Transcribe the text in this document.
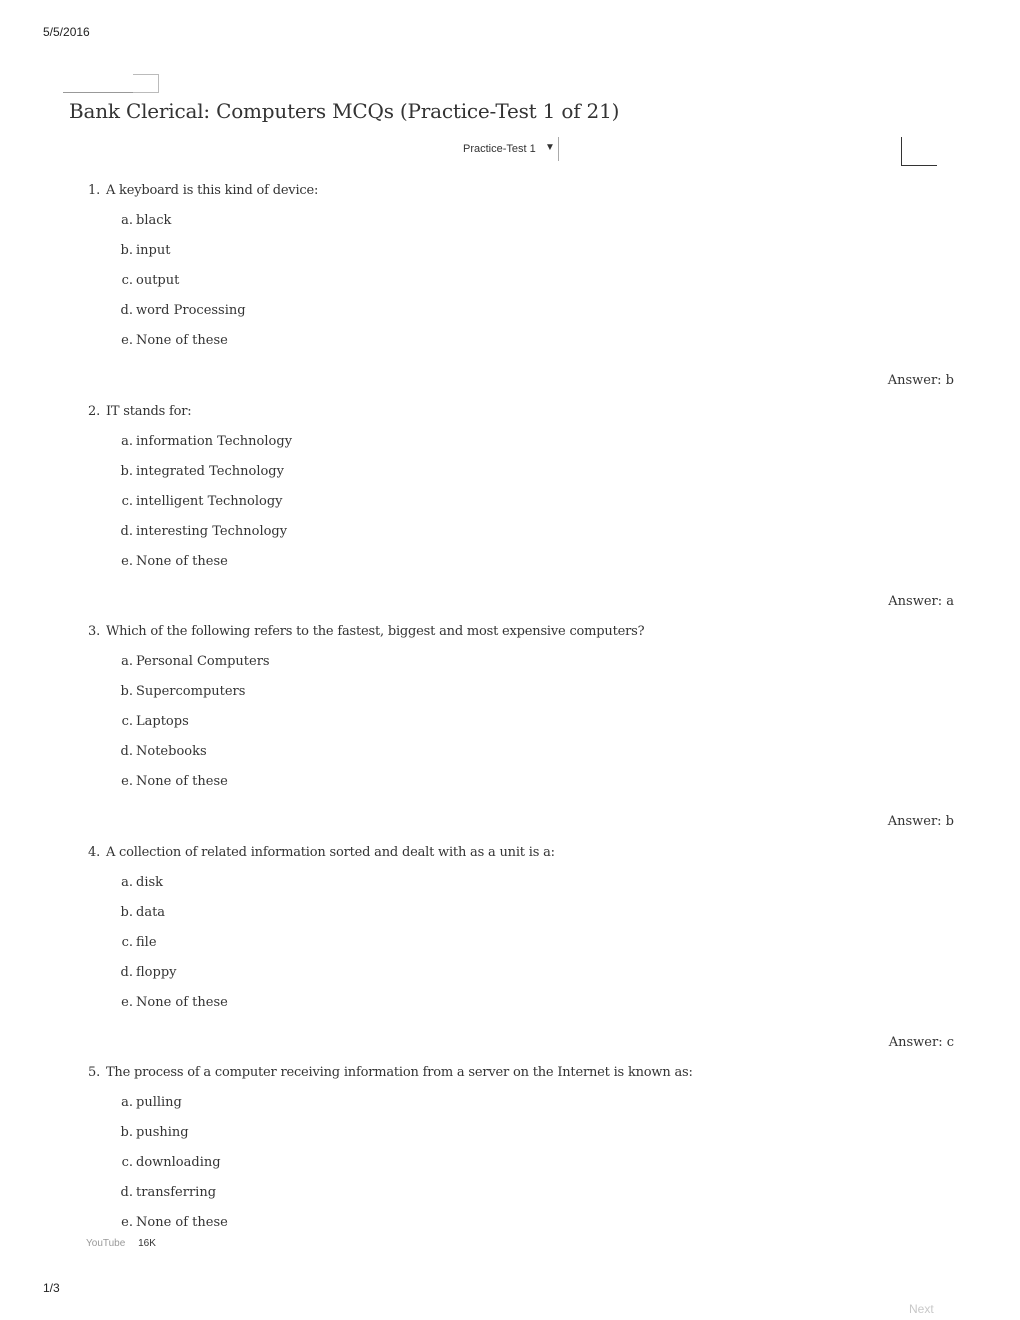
5/5/2016
Bank Clerical: Computers MCQs (Practice-Test 1 of 21)
Practice-Test 1 ▼
1. A keyboard is this kind of device:
a. black
b. input
c. output
d. word Processing
e. None of these
Answer: b
2. IT stands for:
a. information Technology
b. integrated Technology
c. intelligent Technology
d. interesting Technology
e. None of these
Answer: a
3. Which of the following refers to the fastest, biggest and most expensive computers?
a. Personal Computers
b. Supercomputers
c. Laptops
d. Notebooks
e. None of these
Answer: b
4. A collection of related information sorted and dealt with as a unit is a:
a. disk
b. data
c. file
d. floppy
e. None of these
Answer: c
5. The process of a computer receiving information from a server on the Internet is known as:
a. pulling
b. pushing
c. downloading
d. transferring
e. None of these
YouTube 16K
1/3
Next
